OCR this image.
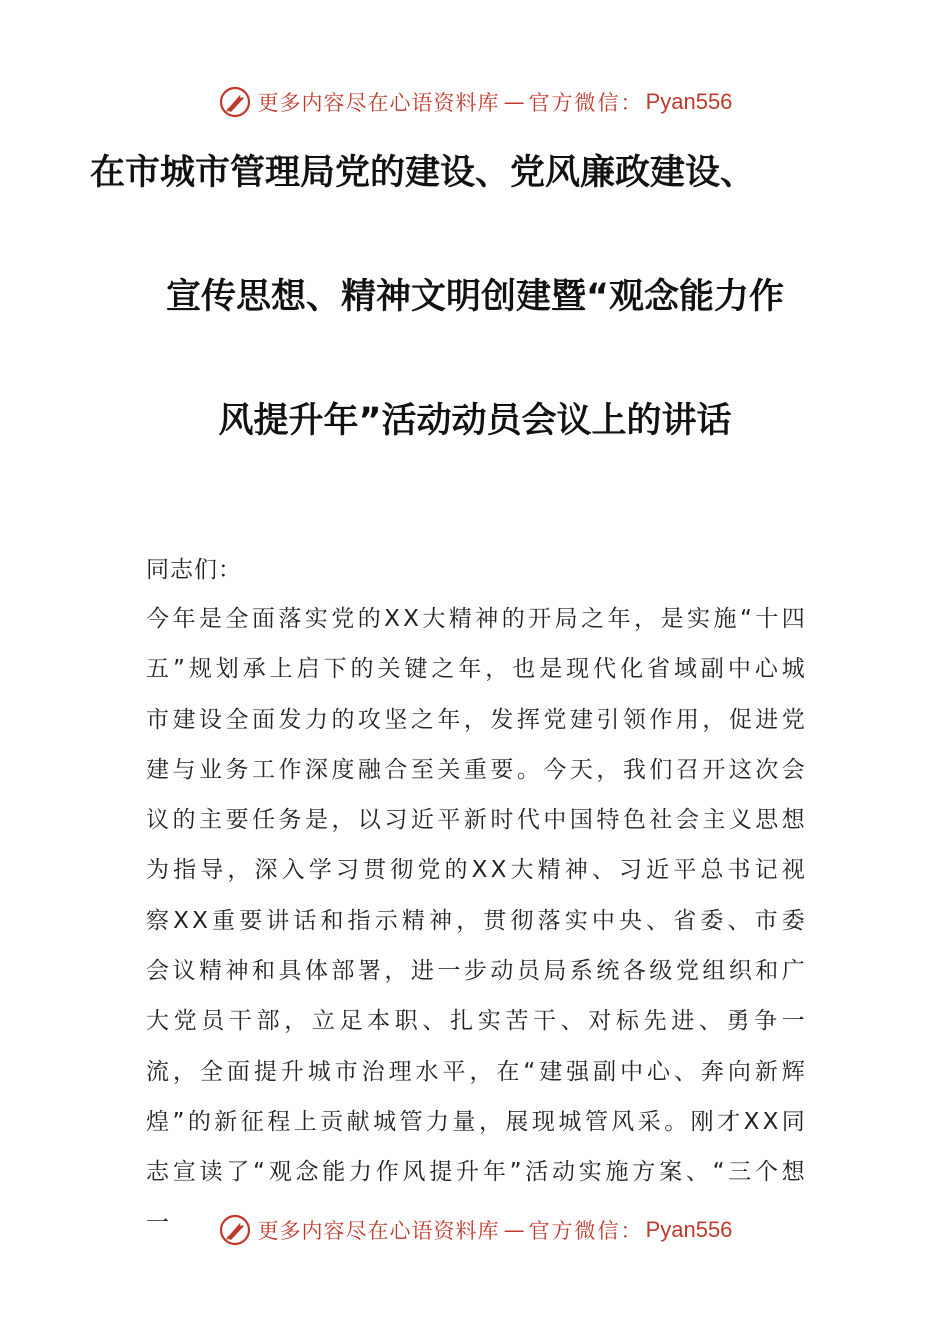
更多内容尽在心语资料库 — 官方微信： Pyan556
在市城市管理局党的建设、党风廉政建设、
宣传思想、精神文明创建暨“观念能力作
风提升年”活动动员会议上的讲话

同志们：

今年是全面落实党的XX大精神的开局之年，是实施“十四五”规划承上启下的关键之年，也是现代化省域副中心城市建设全面发力的攻坚之年，发挥党建引领作用，促进党建与业务工作深度融合至关重要。今天，我们召开这次会议的主要任务是，以习近平新时代中国特色社会主义思想为指导，深入学习贯彻党的XX大精神、习近平总书记视察XX重要讲话和指示精神，贯彻落实中央、省委、市委会议精神和具体部署，进一步动员局系统各级党组织和广大党员干部，立足本职、扎实苦干、对标先进、勇争一流，全面提升城市治理水平，在“建强副中心、奔向新辉煌”的新征程上贡献城管力量，展现城管风采。刚才XX同志宣读了“观念能力作风提升年”活动实施方案、“三个想一	更多内容尽在心语资料库 — 官方微信： Pyan556
